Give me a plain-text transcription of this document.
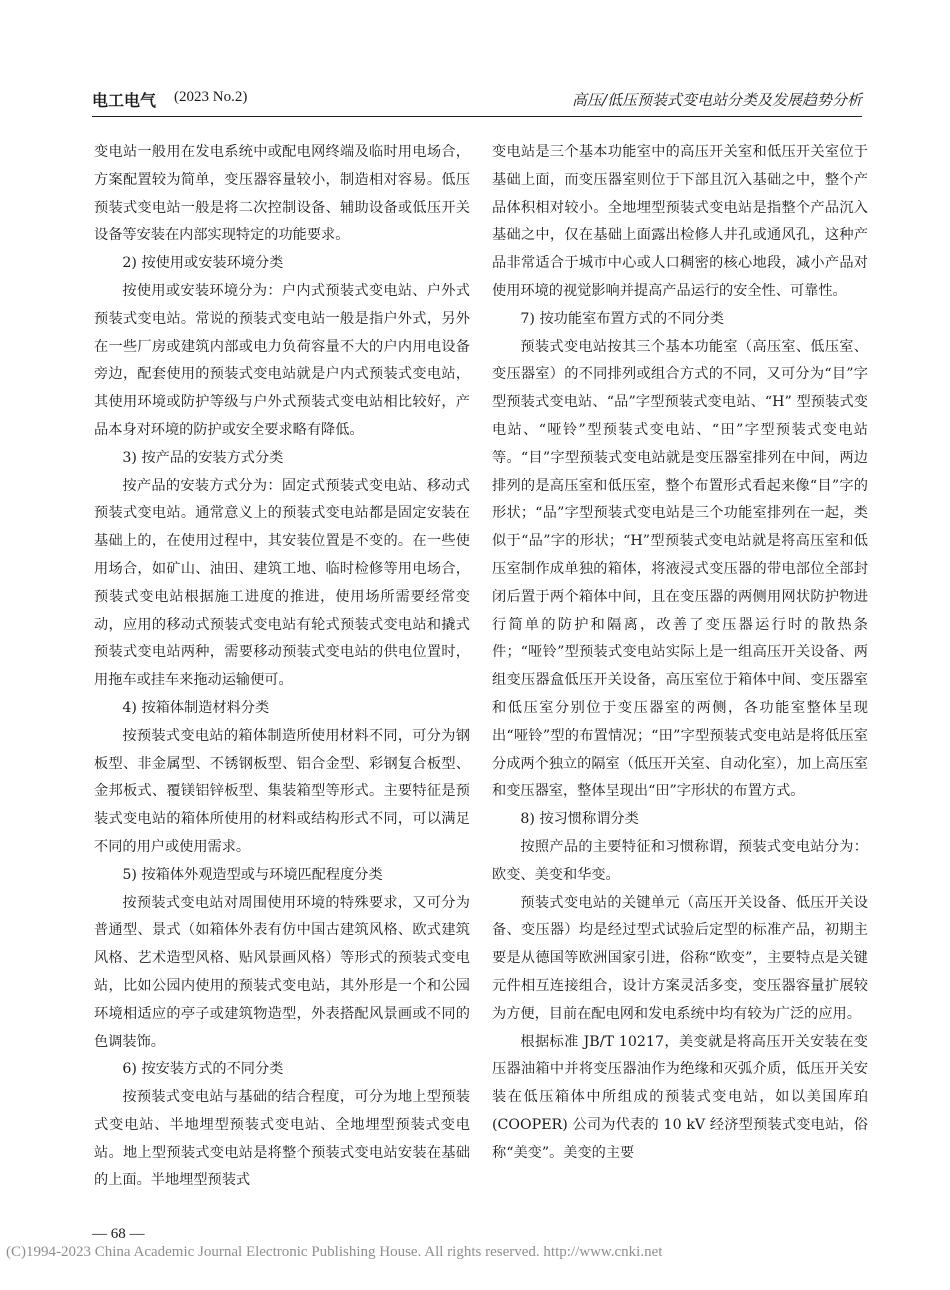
电工电气 (2023 No.2)	高压/低压预装式变电站分类及发展趋势分析

变电站一般用在发电系统中或配电网终端及临时用电场合，方案配置较为简单，变压器容量较小，制造相对容易。低压预装式变电站一般是将二次控制设备、辅助设备或低压开关设备等安装在内部实现特定的功能要求。

2) 按使用或安装环境分类

按使用或安装环境分为：户内式预装式变电站、户外式预装式变电站。常说的预装式变电站一般是指户外式，另外在一些厂房或建筑内部或电力负荷容量不大的户内用电设备旁边，配套使用的预装式变电站就是户内式预装式变电站，其使用环境或防护等级与户外式预装式变电站相比较好，产品本身对环境的防护或安全要求略有降低。

3) 按产品的安装方式分类

按产品的安装方式分为：固定式预装式变电站、移动式预装式变电站。通常意义上的预装式变电站都是固定安装在基础上的，在使用过程中，其安装位置是不变的。在一些使用场合，如矿山、油田、建筑工地、临时检修等用电场合，预装式变电站根据施工进度的推进，使用场所需要经常变动，应用的移动式预装式变电站有轮式预装式变电站和撬式预装式变电站两种，需要移动预装式变电站的供电位置时，用拖车或挂车来拖动运输便可。

4) 按箱体制造材料分类

按预装式变电站的箱体制造所使用材料不同，可分为钢板型、非金属型、不锈钢板型、铝合金型、彩钢复合板型、金邦板式、覆镁铝锌板型、集装箱型等形式。主要特征是预装式变电站的箱体所使用的材料或结构形式不同，可以满足不同的用户或使用需求。

5) 按箱体外观造型或与环境匹配程度分类

按预装式变电站对周围使用环境的特殊要求，又可分为普通型、景式（如箱体外表有仿中国古建筑风格、欧式建筑风格、艺术造型风格、贴风景画风格）等形式的预装式变电站，比如公园内使用的预装式变电站，其外形是一个和公园环境相适应的亭子或建筑物造型，外表搭配风景画或不同的色调装饰。

6) 按安装方式的不同分类

按预装式变电站与基础的结合程度，可分为地上型预装式变电站、半地埋型预装式变电站、全地埋型预装式变电站。地上型预装式变电站是将整个预装式变电站安装在基础的上面。半地埋型预装式

变电站是三个基本功能室中的高压开关室和低压开关室位于基础上面，而变压器室则位于下部且沉入基础之中，整个产品体积相对较小。全地埋型预装式变电站是指整个产品沉入基础之中，仅在基础上面露出检修人井孔或通风孔，这种产品非常适合于城市中心或人口稠密的核心地段，减小产品对使用环境的视觉影响并提高产品运行的安全性、可靠性。

7) 按功能室布置方式的不同分类

预装式变电站按其三个基本功能室（高压室、低压室、变压器室）的不同排列或组合方式的不同，又可分为“目”字型预装式变电站、“品”字型预装式变电站、“H” 型预装式变电站、“哑铃”型预装式变电站、“田”字型预装式变电站等。“目”字型预装式变电站就是变压器室排列在中间，两边排列的是高压室和低压室，整个布置形式看起来像“目”字的形状；“品”字型预装式变电站是三个功能室排列在一起，类似于“品”字的形状；“H”型预装式变电站就是将高压室和低压室制作成单独的箱体，将液浸式变压器的带电部位全部封闭后置于两个箱体中间，且在变压器的两侧用网状防护物进行简单的防护和隔离，改善了变压器运行时的散热条件；“哑铃”型预装式变电站实际上是一组高压开关设备、两组变压器盒低压开关设备，高压室位于箱体中间、变压器室和低压室分别位于变压器室的两侧，各功能室整体呈现出“哑铃”型的布置情况；“田”字型预装式变电站是将低压室分成两个独立的隔室（低压开关室、自动化室），加上高压室和变压器室，整体呈现出“田”字形状的布置方式。

8) 按习惯称谓分类

按照产品的主要特征和习惯称谓，预装式变电站分为：欧变、美变和华变。

预装式变电站的关键单元（高压开关设备、低压开关设备、变压器）均是经过型式试验后定型的标准产品，初期主要是从德国等欧洲国家引进，俗称“欧变”，主要特点是关键元件相互连接组合，设计方案灵活多变，变压器容量扩展较为方便，目前在配电网和发电系统中均有较为广泛的应用。

根据标准 JB/T 10217，美变就是将高压开关安装在变压器油箱中并将变压器油作为绝缘和灭弧介质，低压开关安装在低压箱体中所组成的预装式变电站，如以美国库珀 (COOPER) 公司为代表的 10 kV 经济型预装式变电站，俗称“美变”。美变的主要

— 68 —
(C)1994-2023 China Academic Journal Electronic Publishing House. All rights reserved. http://www.cnki.net
